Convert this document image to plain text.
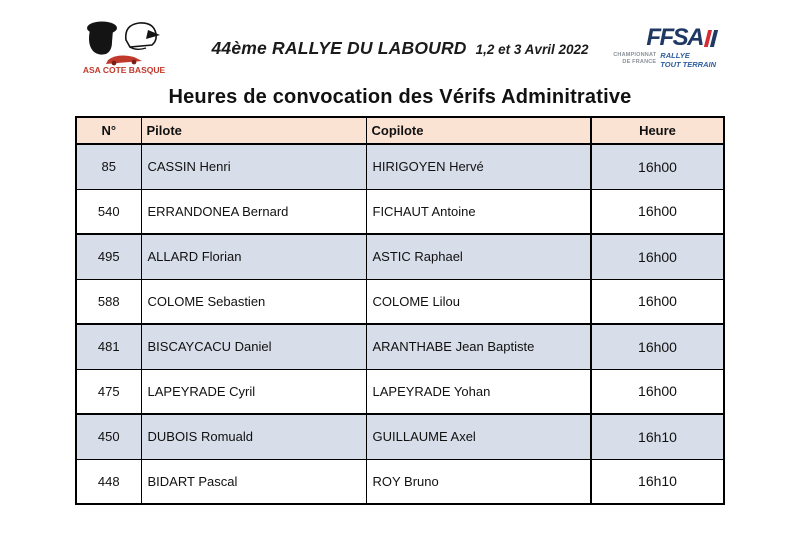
ASA COTE BASQUE
44ème RALLYE DU LABOURD 1,2 et 3 Avril 2022	FFSA
CHAMPIONNAT
DE FRANCE
RALLYE
TOUT TERRAIN
Heures de convocation des Vérifs Adminitrative
N°	Pilote	Copilote	Heure
85	CASSIN Henri	HIRIGOYEN Hervé	16h00
540	ERRANDONEA Bernard	FICHAUT Antoine	16h00
495	ALLARD Florian	ASTIC Raphael	16h00
588	COLOME Sebastien	COLOME Lilou	16h00
481	BISCAYCACU Daniel	ARANTHABE Jean Baptiste	16h00
475	LAPEYRADE Cyril	LAPEYRADE Yohan	16h00
450	DUBOIS Romuald	GUILLAUME Axel	16h10
448	BIDART Pascal	ROY Bruno	16h10
